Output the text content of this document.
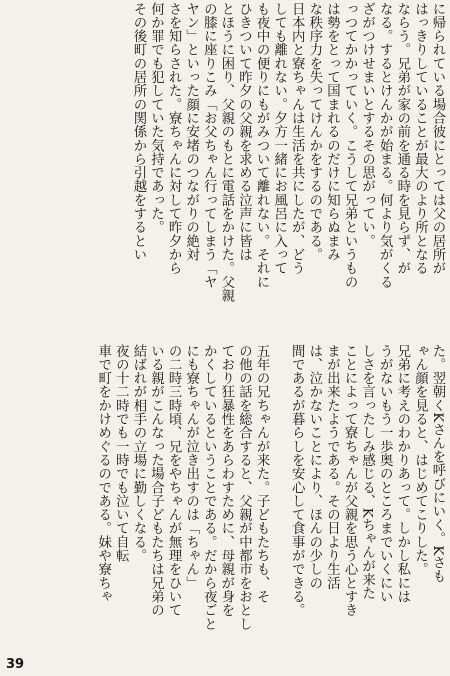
に帰られている場合彼にとっては父の居所が
はっきりしていることが最大のより所となる
ならう。兄弟が家の前を通る時を見らず、が
なる。するとけんかが始まる。何より気がくる
ざがつけせまいとするその思がってい。
っつてかかっていく。こうして兄弟というもの
は勢をとって国まれるのだけに知らぬまみ
な秩序力を失ってけんかをするのである。
日本内と寮ちゃんは生活を共にしたが、どう
しても離れない。夕方一緒にお風呂に入って
も夜中の便りにもがみついて離れない。それに
ひきついて昨夕の父親を求める泣声に皆は
とほうに困り、父親のもとに電話をかけた。父親
の膝に座りこみ「お父ちゃん行ってしまう「ヤ
ヤン」といった顔に安堵のつながりの絶対
さを知らされた。寮ちゃんに対して昨夕から
何か罪でも犯していた気持であった。
その後町の居所の関係から引越をするとい
た。翌朝くKさんを呼びにいく。Kさも
ゃん顔を見ると、はじめてこりした。
兄弟に考えのわかりあって。しかし私には
うがないもう一歩奥のところまでいくにい
しさを言ったしみ感じる、Kちゃんが来た
ことによって寮ちゃんが父親を思う心とすき
まが出来たようである。その日より生活
は、泣かないことにより、ほんの少しの
間であるが暮らしを安心して食事ができる。

五年の兄ちゃんが来た。子どもたちも、そ
の他の話を総合すると、父親が中都市をおとし
ており狂暴性をあらわすために、母親が身を
かくしているということである。だから夜ごと
にも寮ちゃんが泣き出すのは「ちゃん」
の二時三時頃、兄をやちゃんが無理をひいて
いる親がこんなった場合子どもたちは兄弟の
結ばれが相手の立場に勤しくなる。
夜の十二時でも一時でも泣いて自転
車で町をかけめぐるのである。妹や寮ちゃ
39
